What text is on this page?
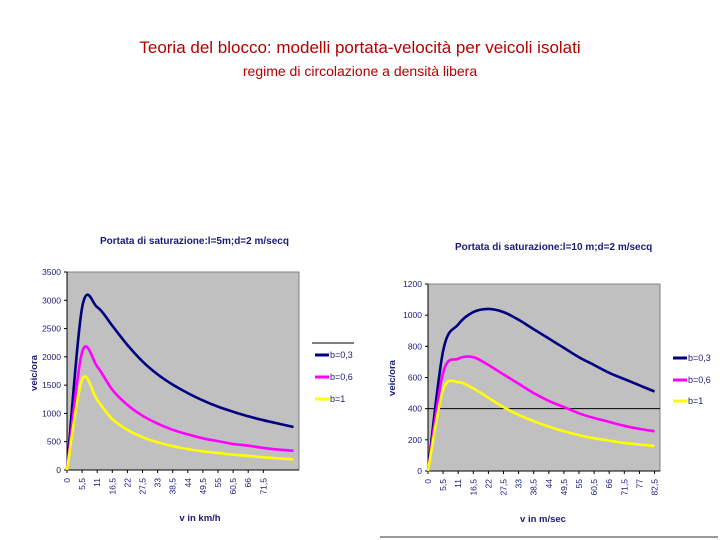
Teoria del blocco: modelli portata-velocità per veicoli isolati
regime di circolazione a densità libera
Portata di saturazione:l=5m;d=2 m/secq
0
500
1000
1500
2000
2500
3000
3500
0 5,5 11 16,5 22 27,5 33 38,5 44 49,5 55 60,5 66 71,5
v in km/h
veic/ora
b=0,3
b=0,6
b=1
Portata di saturazione:l=10 m;d=2 m/secq
0
200
400
600
800
1000
1200
0 5,5 11 16,5 22 27,5 33 38,5 44 49,5 55 60,5 66 71,5 77 82,5
v in m/sec
veic/ora
b=0,3
b=0,6
b=1
